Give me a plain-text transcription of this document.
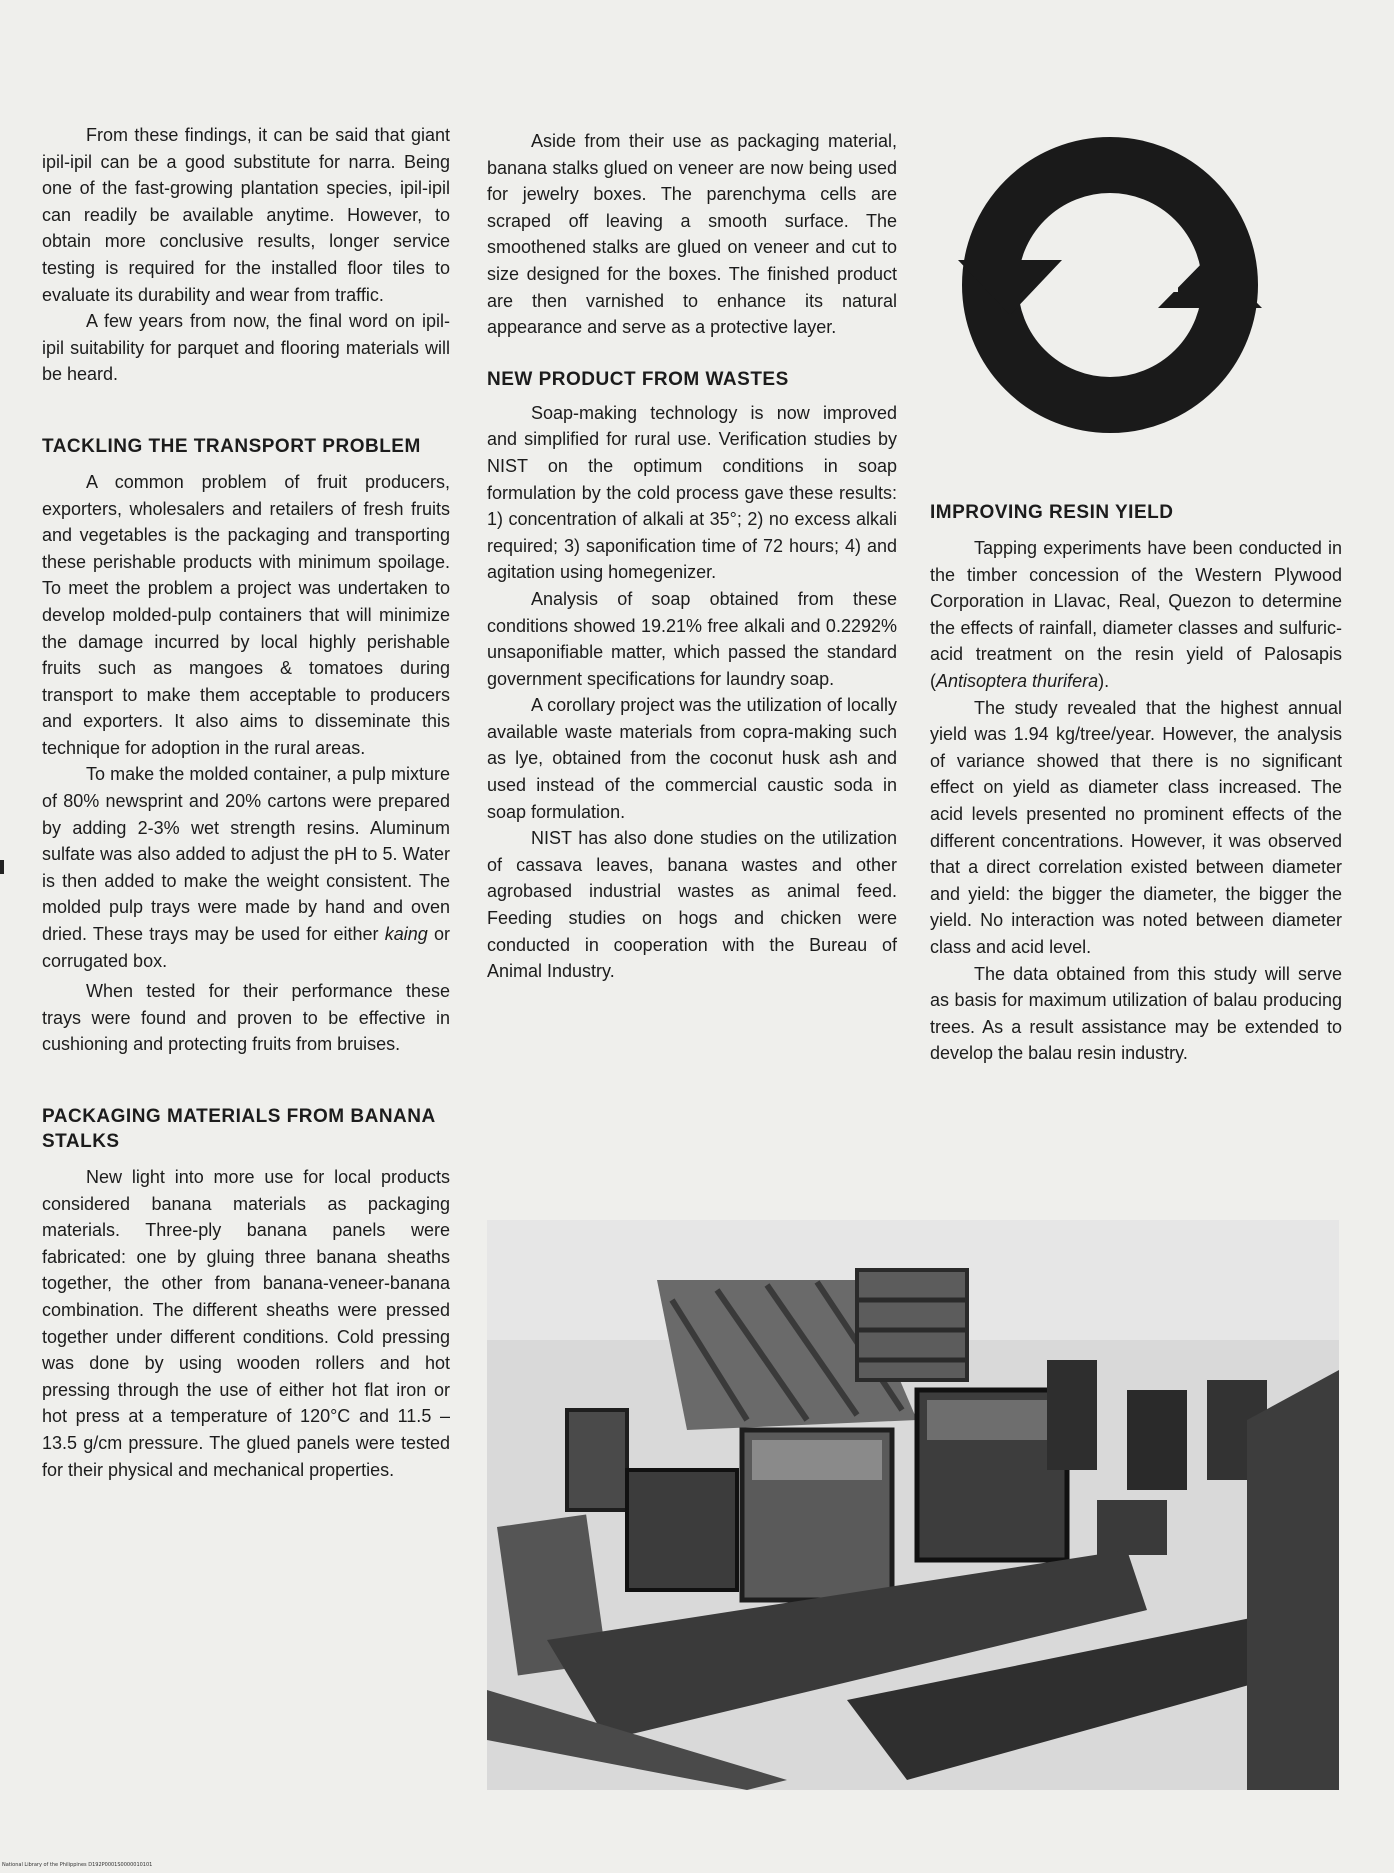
From these findings, it can be said that giant ipil-ipil can be a good substitute for narra. Being one of the fast-growing plantation species, ipil-ipil can readily be available anytime. However, to obtain more conclusive results, longer service testing is required for the installed floor tiles to evaluate its durability and wear from traffic.

A few years from now, the final word on ipil-ipil suitability for parquet and flooring materials will be heard.

TACKLING THE TRANSPORT PROBLEM

A common problem of fruit producers, exporters, wholesalers and retailers of fresh fruits and vegetables is the packaging and transporting these perishable products with minimum spoilage. To meet the problem a project was undertaken to develop molded-pulp containers that will minimize the damage incurred by local highly perishable fruits such as mangoes & tomatoes during transport to make them acceptable to producers and exporters. It also aims to disseminate this technique for adoption in the rural areas.

To make the molded container, a pulp mixture of 80% newsprint and 20% cartons were prepared by adding 2-3% wet strength resins. Aluminum sulfate was also added to adjust the pH to 5. Water is then added to make the weight consistent. The molded pulp trays were made by hand and oven dried. These trays may be used for either kaing or corrugated box.

When tested for their performance these trays were found and proven to be effective in cushioning and protecting fruits from bruises.

PACKAGING MATERIALS FROM BANANA STALKS

New light into more use for local products considered banana materials as packaging materials. Three-ply banana panels were fabricated: one by gluing three banana sheaths together, the other from banana-veneer-banana combination. The different sheaths were pressed together under different conditions. Cold pressing was done by using wooden rollers and hot pressing through the use of either hot flat iron or hot press at a temperature of 120°C and 11.5 – 13.5 g/cm pressure. The glued panels were tested for their physical and mechanical properties.

Aside from their use as packaging material, banana stalks glued on veneer are now being used for jewelry boxes. The parenchyma cells are scraped off leaving a smooth surface. The smoothened stalks are glued on veneer and cut to size designed for the boxes. The finished product are then varnished to enhance its natural appearance and serve as a protective layer.

NEW PRODUCT FROM WASTES

Soap-making technology is now improved and simplified for rural use. Verification studies by NIST on the optimum conditions in soap formulation by the cold process gave these results: 1) concentration of alkali at 35°; 2) no excess alkali required; 3) saponification time of 72 hours; 4) and agitation using homegenizer.

Analysis of soap obtained from these conditions showed 19.21% free alkali and 0.2292% unsaponifiable matter, which passed the standard government specifications for laundry soap.

A corollary project was the utilization of locally available waste materials from copra-making such as lye, obtained from the coconut husk ash and used instead of the commercial caustic soda in soap formulation.

NIST has also done studies on the utilization of cassava leaves, banana wastes and other agrobased industrial wastes as animal feed. Feeding studies on hogs and chicken were conducted in cooperation with the Bureau of Animal Industry.

IMPROVING RESIN YIELD

Tapping experiments have been conducted in the timber concession of the Western Plywood Corporation in Llavac, Real, Quezon to determine the effects of rainfall, diameter classes and sulfuric-acid treatment on the resin yield of Palosapis (Antisoptera thurifera).

The study revealed that the highest annual yield was 1.94 kg/tree/year. However, the analysis of variance showed that there is no significant effect on yield as diameter class increased. The acid levels presented no prominent effects of the different concentrations. However, it was observed that a direct correlation existed between diameter and yield: the bigger the diameter, the bigger the yield. No interaction was noted between diameter class and acid level.

The data obtained from this study will serve as basis for maximum utilization of balau producing trees. As a result assistance may be extended to develop the balau resin industry.

National Library of the Philippines D192P0001S0000010101
